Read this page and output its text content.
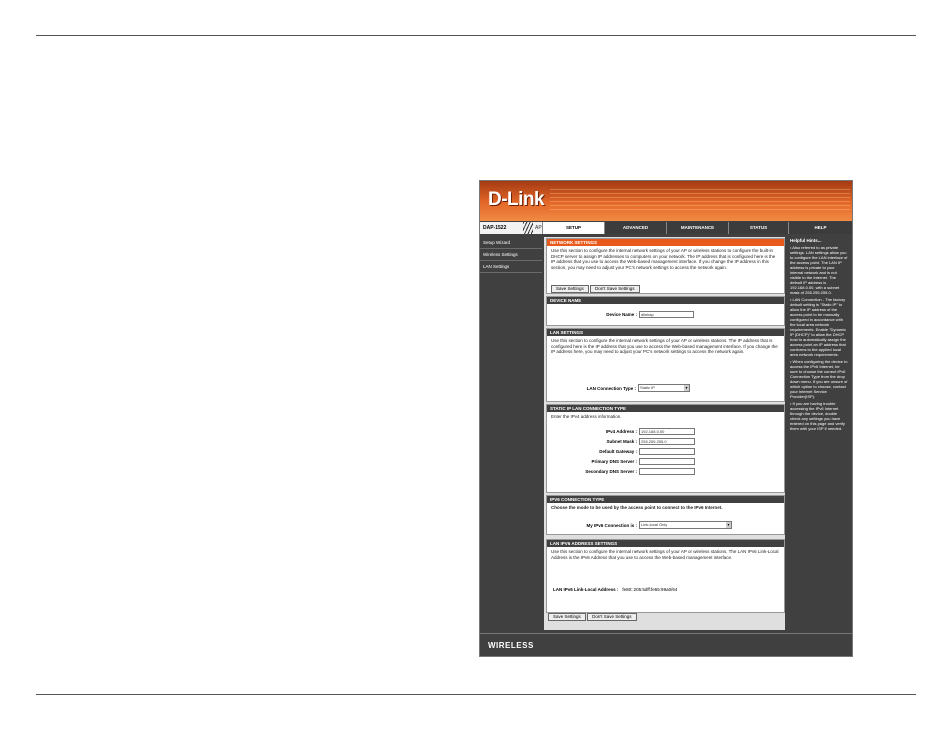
D-Link
DAP-1522	AP	SETUP	ADVANCED	MAINTENANCE	STATUS	HELP
Setup Wizard
Wireless Settings
LAN Settings
NETWORK SETTINGS
Use this section to configure the internal network settings of your AP or wireless stations to configure the built-in DHCP server to assign IP addresses to computers on your network. The IP address that is configured here is the IP address that you use to access the Web-based management interface. If you change the IP address in this section, you may need to adjust your PC's network settings to access the network again.
Save Settings	Don't Save Settings
DEVICE NAME
Device Name :	dlinkap
LAN SETTINGS
Use this section to configure the internal network settings of your AP or wireless stations. The IP address that is configured here is the IP address that you use to access the Web-based management interface. If you change the IP address here, you may need to adjust your PC's network settings to access the network again.
LAN Connection Type :	Static IP	▾
STATIC IP LAN CONNECTION TYPE
Enter the IPv4 address information.
IPv4 Address :	192.168.0.50
Subnet Mask :	255.255.255.0
Default Gateway :
Primary DNS Server :
Secondary DNS Server :
IPV6 CONNECTION TYPE
Choose the mode to be used by the access point to connect to the IPv6 Internet.
My IPv6 Connection is :	Link-local Only	▾
LAN IPV6 ADDRESS SETTINGS
Use this section to configure the internal network settings of your AP or wireless stations. The LAN IPv6 Link-Local Address is the IPv6 Address that you use to access the Web-based management interface.
LAN IPv6 Link-Local Address : fe80::205:5dff:fe55:99a0/64
Save Settings	Don't Save Settings
Helpful Hints...

• Also referred to as private settings. LAN settings allow you to configure the LAN interface of the access point. The LAN IP address is private to your internal network and is not visible to the Internet. The default IP address is 192.168.0.50, with a subnet mask of 255.255.255.0.

• LAN Connection - The factory default setting is "Static IP" to allow the IP address of the access point to be manually configured in accordance with the local area network requirements. Enable "Dynamic IP (DHCP)" to allow the DHCP host to automatically assign the access point an IP address that conforms to the applied local area network requirements.

• When configuring the device to access the IPv6 Internet, be sure to choose the correct IPv6 Connection Type from the drop down menu. If you are unsure of which option to choose, contact your Internet Service Provider(ISP).

• If you are having trouble accessing the IPv6 Internet through the device, double check any settings you have entered on this page and verify them with your ISP if needed.

WIRELESS
